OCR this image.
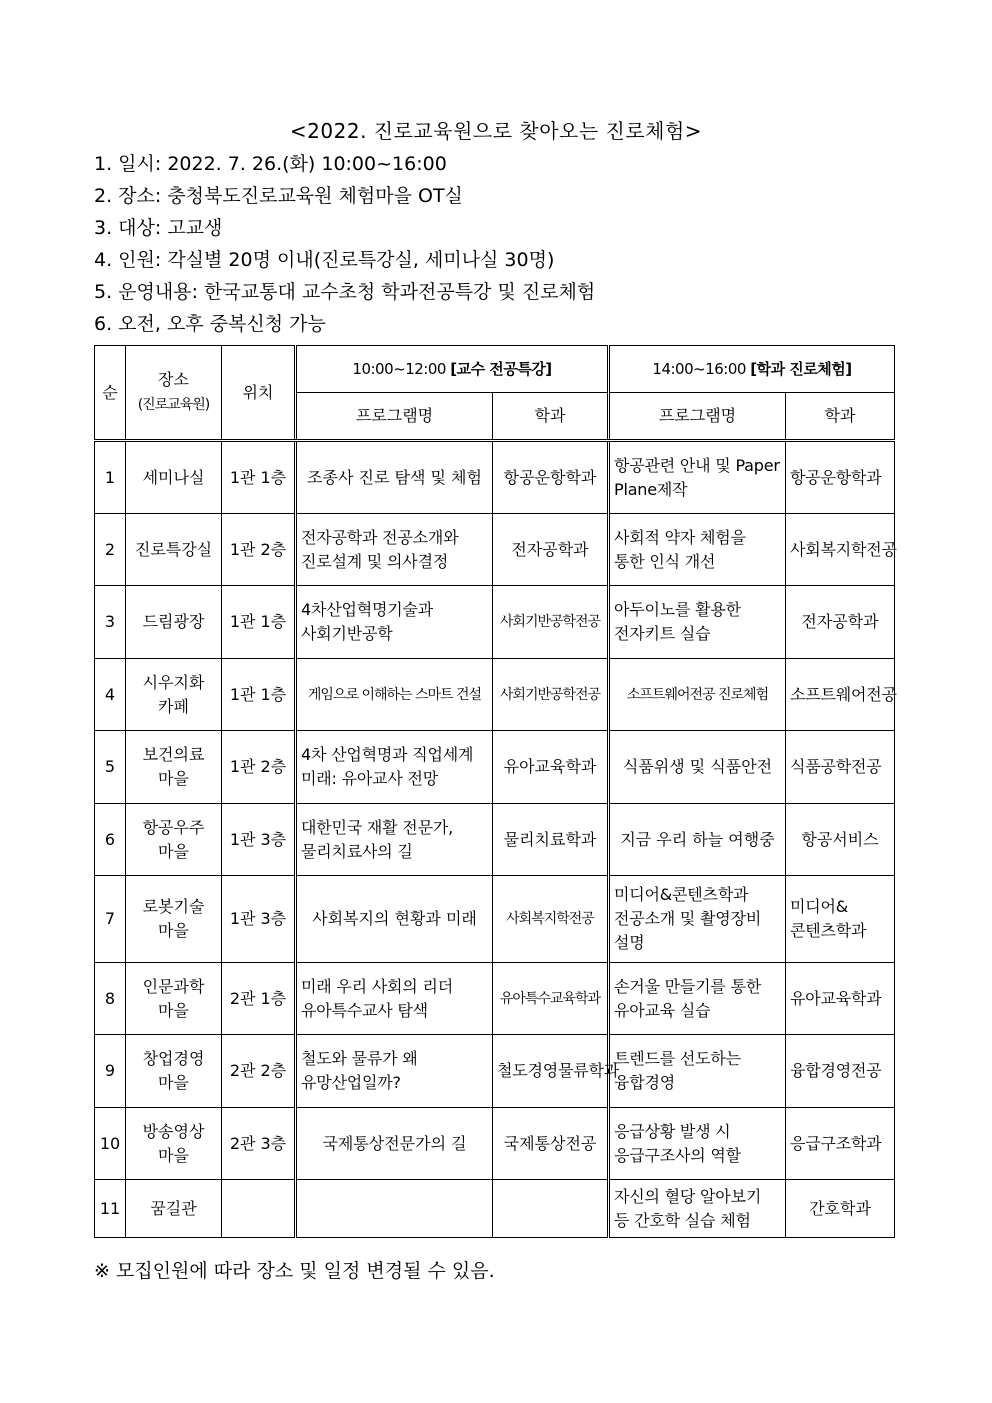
<2022. 진로교육원으로 찾아오는 진로체험>
1. 일시: 2022. 7. 26.(화) 10:00~16:00
2. 장소: 충청북도진로교육원 체험마을 OT실
3. 대상: 고교생
4. 인원: 각실별 20명 이내(진로특강실, 세미나실 30명)
5. 운영내용: 한국교통대 교수초청 학과전공특강 및 진로체험
6. 오전, 오후 중복신청 가능
순	장소
(진로교육원)	위치	10:00~12:00 [교수 전공특강]		14:00~16:00 [학과 진로체험]	
			프로그램명	학과	프로그램명	학과
1	세미나실	1관 1층	조종사 진로 탐색 및 체험	항공운항학과	항공관련 안내 및 Paper Plane제작	항공운항학과
2	진로특강실	1관 2층	전자공학과 전공소개와 진로설계 및 의사결정	전자공학과	사회적 약자 체험을 통한 인식 개선	사회복지학전공
3	드림광장	1관 1층	4차산업혁명기술과 사회기반공학	사회기반공학전공	아두이노를 활용한 전자키트 실습	전자공학과
4	시우지화 카페	1관 1층	게임으로 이해하는 스마트 건설	사회기반공학전공	소프트웨어전공 진로체험	소프트웨어전공
5	보건의료 마을	1관 2층	4차 산업혁명과 직업세계 미래: 유아교사 전망	유아교육학과	식품위생 및 식품안전	식품공학전공
6	항공우주 마을	1관 3층	대한민국 재활 전문가, 물리치료사의 길	물리치료학과	지금 우리 하늘 여행중	항공서비스
7	로봇기술 마을	1관 3층	사회복지의 현황과 미래	사회복지학전공	미디어&콘텐츠학과 전공소개 및 촬영장비 설명	미디어&콘텐츠학과
8	인문과학 마을	2관 1층	미래 우리 사회의 리더 유아특수교사 탐색	유아특수교육학과	손거울 만들기를 통한 유아교육 실습	유아교육학과
9	창업경영 마을	2관 2층	철도와 물류가 왜 유망산업일까?	철도경영물류학과	트렌드를 선도하는 융합경영	융합경영전공
10	방송영상 마을	2관 3층	국제통상전문가의 길	국제통상전공	응급상황 발생 시 응급구조사의 역할	응급구조학과
11	꿈길관				자신의 혈당 알아보기 등 간호학 실습 체험	간호학과
※ 모집인원에 따라 장소 및 일정 변경될 수 있음.
